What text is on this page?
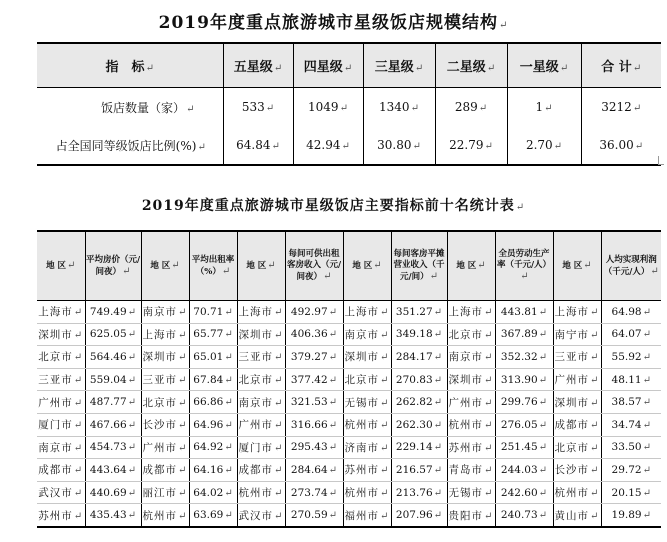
2019年度重点旅游城市星级饭店规模结构↵
指　标↵	五星级↵	四星级↵	三星级↵	二星级↵	一星级↵	合 计↵
饭店数量（家）↵	533↵	1049↵	1340↵	289↵	1↵	3212↵
占全国同等级饭店比例(%)↵	64.84↵	42.94↵	30.80↵	22.79↵	2.70↵	36.00↵
2019年度重点旅游城市星级饭店主要指标前十名统计表↵
地 区↵	平均房价（元/间夜）↵	地 区↵	平均出租率（%）↵	地 区↵	每间可供出租客房收入（元/间夜）↵	地 区↵	每间客房平摊营业收入（千元/间）↵	地 区↵	全员劳动生产率（千元/人）↵	地 区↵	人均实现利润（千元/人）↵
上海市↵	749.49↵	南京市↵	70.71↵	上海市↵	492.97↵	上海市↵	351.27↵	上海市↵	443.81↵	上海市↵	64.98↵
深圳市↵	625.05↵	上海市↵	65.77↵	深圳市↵	406.36↵	南京市↵	349.18↵	北京市↵	367.89↵	南宁市↵	64.07↵
北京市↵	564.46↵	深圳市↵	65.01↵	三亚市↵	379.27↵	深圳市↵	284.17↵	南京市↵	352.32↵	三亚市↵	55.92↵
三亚市↵	559.04↵	三亚市↵	67.84↵	北京市↵	377.42↵	北京市↵	270.83↵	深圳市↵	313.90↵	广州市↵	48.11↵
广州市↵	487.77↵	北京市↵	66.86↵	南京市↵	321.53↵	无锡市↵	262.82↵	广州市↵	299.76↵	深圳市↵	38.57↵
厦门市↵	467.66↵	长沙市↵	64.96↵	广州市↵	316.66↵	杭州市↵	262.30↵	杭州市↵	276.05↵	成都市↵	34.74↵
南京市↵	454.73↵	广州市↵	64.92↵	厦门市↵	295.43↵	济南市↵	229.14↵	苏州市↵	251.45↵	北京市↵	33.50↵
成都市↵	443.64↵	成都市↵	64.16↵	成都市↵	284.64↵	苏州市↵	216.57↵	青岛市↵	244.03↵	长沙市↵	29.72↵
武汉市↵	440.69↵	丽江市↵	64.02↵	杭州市↵	273.74↵	杭州市↵	213.76↵	无锡市↵	242.60↵	杭州市↵	20.15↵
苏州市↵	435.43↵	杭州市↵	63.69↵	武汉市↵	270.59↵	福州市↵	207.96↵	贵阳市↵	240.73↵	黄山市↵	19.89↵
